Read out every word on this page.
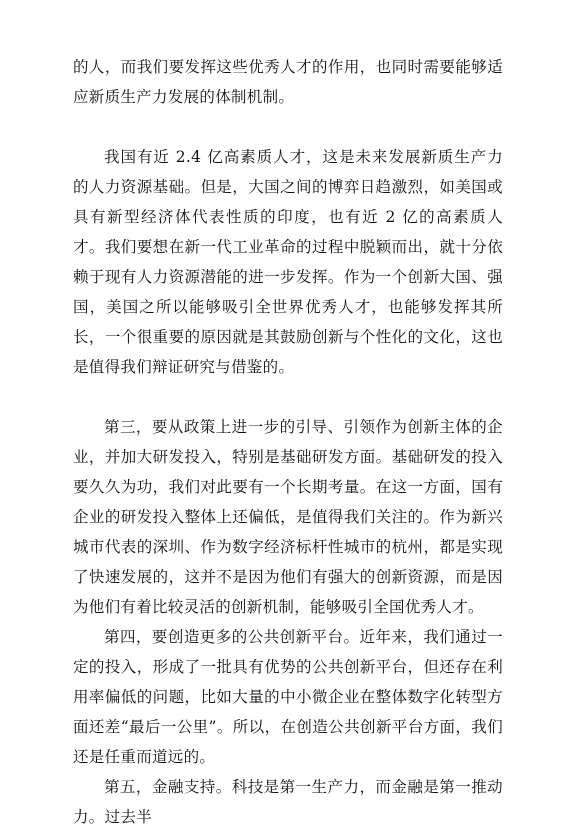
的人，而我们要发挥这些优秀人才的作用，也同时需要能够适应新质生产力发展的体制机制。

我国有近 2.4 亿高素质人才，这是未来发展新质生产力的人力资源基础。但是，大国之间的博弈日趋激烈，如美国或具有新型经济体代表性质的印度，也有近 2 亿的高素质人才。我们要想在新一代工业革命的过程中脱颖而出，就十分依赖于现有人力资源潜能的进一步发挥。作为一个创新大国、强国，美国之所以能够吸引全世界优秀人才，也能够发挥其所长，一个很重要的原因就是其鼓励创新与个性化的文化，这也是值得我们辩证研究与借鉴的。

第三，要从政策上进一步的引导、引领作为创新主体的企业，并加大研发投入，特别是基础研发方面。基础研发的投入要久久为功，我们对此要有一个长期考量。在这一方面，国有企业的研发投入整体上还偏低，是值得我们关注的。作为新兴城市代表的深圳、作为数字经济标杆性城市的杭州，都是实现了快速发展的，这并不是因为他们有强大的创新资源，而是因为他们有着比较灵活的创新机制，能够吸引全国优秀人才。

第四，要创造更多的公共创新平台。近年来，我们通过一定的投入，形成了一批具有优势的公共创新平台，但还存在利用率偏低的问题，比如大量的中小微企业在整体数字化转型方面还差“最后一公里”。所以，在创造公共创新平台方面，我们还是任重而道远的。

第五，金融支持。科技是第一生产力，而金融是第一推动力。过去半
